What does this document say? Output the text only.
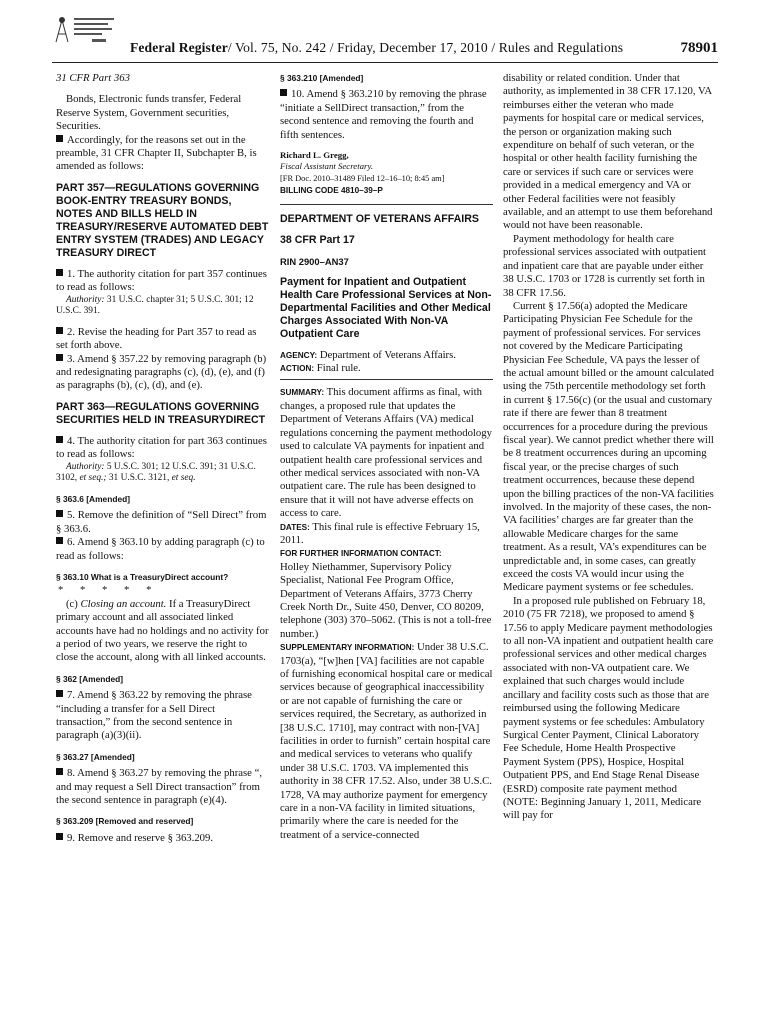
Federal Register/ Vol. 75, No. 242 / Friday, December 17, 2010 / Rules and Regulations	78901

31 CFR Part 363

Bonds, Electronic funds transfer, Federal Reserve System, Government securities, Securities.

Accordingly, for the reasons set out in the preamble, 31 CFR Chapter II, Subchapter B, is amended as follows:

PART 357—REGULATIONS GOVERNING BOOK-ENTRY TREASURY BONDS, NOTES AND BILLS HELD IN TREASURY/RESERVE AUTOMATED DEBT ENTRY SYSTEM (TRADES) AND LEGACY TREASURY DIRECT

1. The authority citation for part 357 continues to read as follows:

Authority: 31 U.S.C. chapter 31; 5 U.S.C. 301; 12 U.S.C. 391.

2. Revise the heading for Part 357 to read as set forth above.

3. Amend § 357.22 by removing paragraph (b) and redesignating paragraphs (c), (d), (e), and (f) as paragraphs (b), (c), (d), and (e).

PART 363—REGULATIONS GOVERNING SECURITIES HELD IN TREASURYDIRECT

4. The authority citation for part 363 continues to read as follows:

Authority: 5 U.S.C. 301; 12 U.S.C. 391; 31 U.S.C. 3102, et seq.; 31 U.S.C. 3121, et seq.

§ 363.6 [Amended]

5. Remove the definition of “Sell Direct” from § 363.6.

6. Amend § 363.10 by adding paragraph (c) to read as follows:

§ 363.10 What is a TreasuryDirect account?

* * * * *

(c) Closing an account. If a TreasuryDirect primary account and all associated linked accounts have had no holdings and no activity for a period of two years, we reserve the right to close the account, along with all linked accounts.

§ 362 [Amended]

7. Amend § 363.22 by removing the phrase “including a transfer for a Sell Direct transaction,” from the second sentence in paragraph (a)(3)(ii).

§ 363.27 [Amended]

8. Amend § 363.27 by removing the phrase “, and may request a Sell Direct transaction” from the second sentence in paragraph (e)(4).

§ 363.209 [Removed and reserved]

9. Remove and reserve § 363.209.

§ 363.210 [Amended]

10. Amend § 363.210 by removing the phrase “initiate a SellDirect transaction,” from the second sentence and removing the fourth and fifth sentences.

Richard L. Gregg,

Fiscal Assistant Secretary.

[FR Doc. 2010–31489 Filed 12–16–10; 8:45 am]

BILLING CODE 4810–39–P

DEPARTMENT OF VETERANS AFFAIRS

38 CFR Part 17

RIN 2900–AN37

Payment for Inpatient and Outpatient Health Care Professional Services at Non-Departmental Facilities and Other Medical Charges Associated With Non-VA Outpatient Care

AGENCY: Department of Veterans Affairs.

ACTION: Final rule.

SUMMARY: This document affirms as final, with changes, a proposed rule that updates the Department of Veterans Affairs (VA) medical regulations concerning the payment methodology used to calculate VA payments for inpatient and outpatient health care professional services and other medical services associated with non-VA outpatient care. The rule has been designed to ensure that it will not have adverse effects on access to care.

DATES: This final rule is effective February 15, 2011.

FOR FURTHER INFORMATION CONTACT:
Holley Niethammer, Supervisory Policy Specialist, National Fee Program Office, Department of Veterans Affairs, 3773 Cherry Creek North Dr., Suite 450, Denver, CO 80209, telephone (303) 370–5062. (This is not a toll-free number.)

SUPPLEMENTARY INFORMATION: Under 38 U.S.C. 1703(a), “[w]hen [VA] facilities are not capable of furnishing economical hospital care or medical services because of geographical inaccessibility or are not capable of furnishing the care or services required, the Secretary, as authorized in [38 U.S.C. 1710], may contract with non-[VA] facilities in order to furnish” certain hospital care and medical services to veterans who qualify under 38 U.S.C. 1703. VA implemented this authority in 38 CFR 17.52. Also, under 38 U.S.C. 1728, VA may authorize payment for emergency care in a non-VA facility in limited situations, primarily where the care is needed for the treatment of a service-connected

disability or related condition. Under that authority, as implemented in 38 CFR 17.120, VA reimburses either the veteran who made payments for hospital care or medical services, the person or organization making such expenditure on behalf of such veteran, or the hospital or other health facility furnishing the care or services if such care or services were provided in a medical emergency and VA or other Federal facilities were not feasibly available, and an attempt to use them beforehand would not have been reasonable.

Payment methodology for health care professional services associated with outpatient and inpatient care that are payable under either 38 U.S.C. 1703 or 1728 is currently set forth in 38 CFR 17.56.

Current § 17.56(a) adopted the Medicare Participating Physician Fee Schedule for the payment of professional services. For services not covered by the Medicare Participating Physician Fee Schedule, VA pays the lesser of the actual amount billed or the amount calculated using the 75th percentile methodology set forth in current § 17.56(c) (or the usual and customary rate if there are fewer than 8 treatment occurrences for a procedure during the previous fiscal year). We cannot predict whether there will be 8 treatment occurrences during an upcoming fiscal year, or the precise charges of such treatment occurrences, because these depend upon the billing practices of the non-VA facilities involved. In the majority of these cases, the non-VA facilities’ charges are far greater than the allowable Medicare charges for the same treatment. As a result, VA’s expenditures can be unpredictable and, in some cases, can greatly exceed the costs VA would incur using the Medicare payment systems or fee schedules.

In a proposed rule published on February 18, 2010 (75 FR 7218), we proposed to amend § 17.56 to apply Medicare payment methodologies to all non-VA inpatient and outpatient health care professional services and other medical charges associated with non-VA outpatient care. We explained that such charges would include ancillary and facility costs such as those that are reimbursed using the following Medicare payment systems or fee schedules: Ambulatory Surgical Center Payment, Clinical Laboratory Fee Schedule, Home Health Prospective Payment System (PPS), Hospice, Hospital Outpatient PPS, and End Stage Renal Disease (ESRD) composite rate payment method (NOTE: Beginning January 1, 2011, Medicare will pay for
